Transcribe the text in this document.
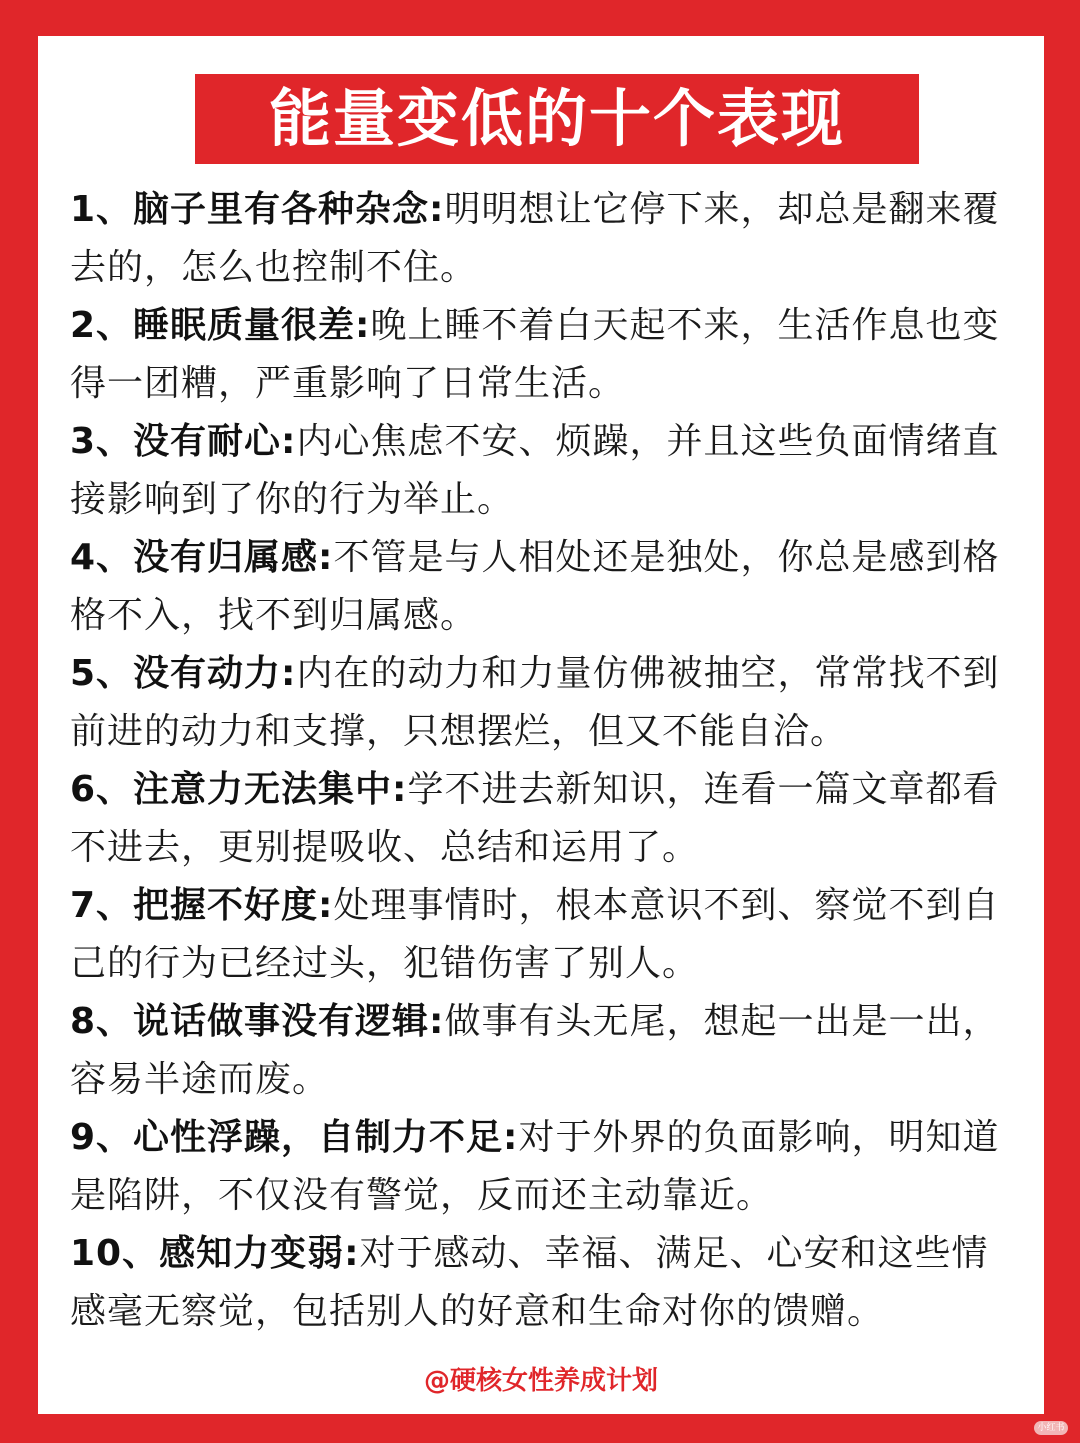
能量变低的十个表现
1、脑子里有各种杂念:明明想让它停下来，却总是翻来覆去的，怎么也控制不住。
2、睡眠质量很差:晚上睡不着白天起不来，生活作息也变得一团糟，严重影响了日常生活。
3、没有耐心:内心焦虑不安、烦躁，并且这些负面情绪直接影响到了你的行为举止。
4、没有归属感:不管是与人相处还是独处，你总是感到格格不入，找不到归属感。
5、没有动力:内在的动力和力量仿佛被抽空，常常找不到前进的动力和支撑，只想摆烂，但又不能自洽。
6、注意力无法集中:学不进去新知识，连看一篇文章都看不进去，更别提吸收、总结和运用了。
7、把握不好度:处理事情时，根本意识不到、察觉不到自己的行为已经过头，犯错伤害了别人。
8、说话做事没有逻辑:做事有头无尾，想起一出是一出，容易半途而废。
9、心性浮躁，自制力不足:对于外界的负面影响，明知道是陷阱，不仅没有警觉，反而还主动靠近。
10、感知力变弱:对于感动、幸福、满足、心安和这些情感毫无察觉，包括别人的好意和生命对你的馈赠。
@硬核女性养成计划
小红书
